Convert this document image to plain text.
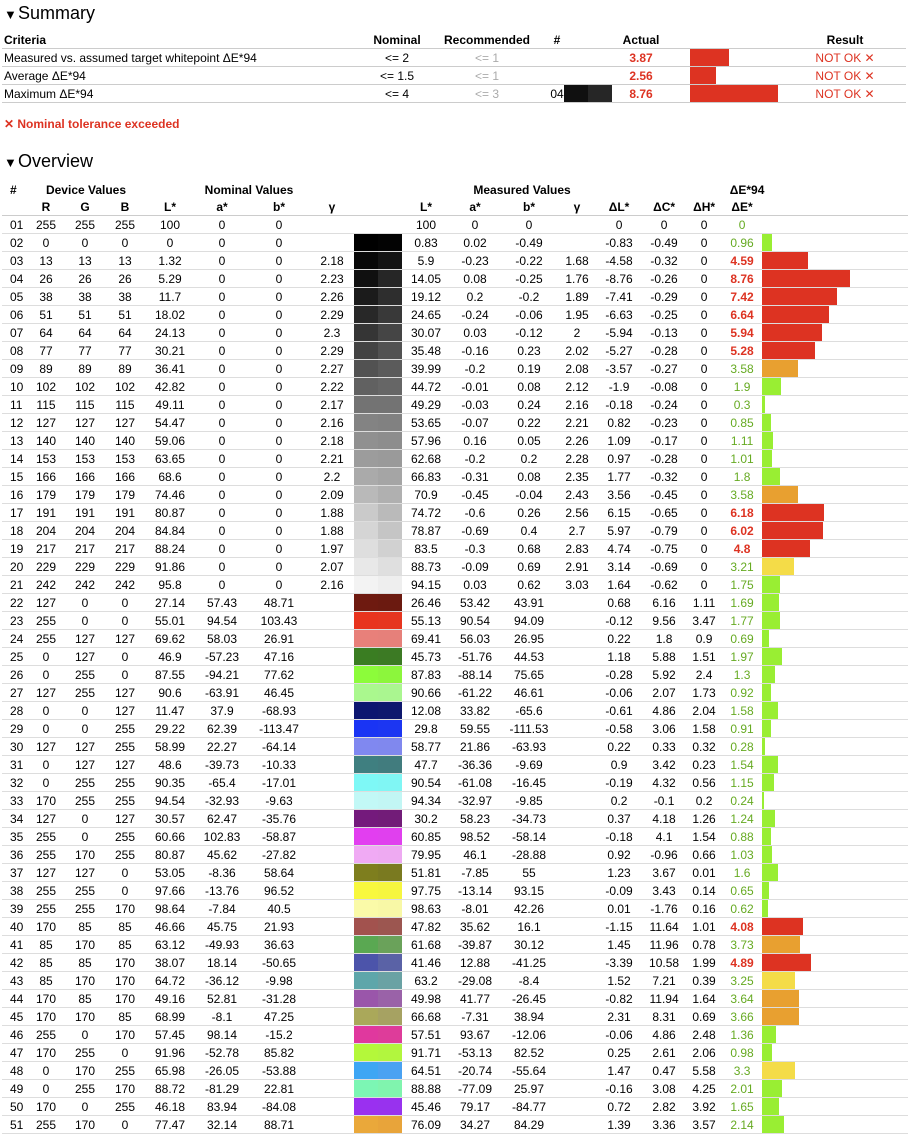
▼Summary
Criteria	Nominal	Recommended	#		Actual		Result
Measured vs. assumed target whitepoint ΔE*94	<= 2	<= 1			3.87		NOT OK ✕
Average ΔE*94	<= 1.5	<= 1			2.56		NOT OK ✕
Maximum ΔE*94	<= 4	<= 3	04		8.76		NOT OK ✕
✕ Nominal tolerance exceeded
▼Overview
#	Device Values			Nominal Values					Measured Values					ΔE*94				
	R	G	B	L*	a*	b*	γ		L*	a*	b*	γ	ΔL*	ΔC*	ΔH*	ΔE*		
01	255	255	255	100	0	0			100	0	0		0	0	0	0	

02	0	0	0	0	0	0			0.83	0.02	-0.49		-0.83	-0.49	0	0.96	

03	13	13	13	1.32	0	0	2.18		5.9	-0.23	-0.22	1.68	-4.58	-0.32	0	4.59	

04	26	26	26	5.29	0	0	2.23		14.05	0.08	-0.25	1.76	-8.76	-0.26	0	8.76	

05	38	38	38	11.7	0	0	2.26		19.12	0.2	-0.2	1.89	-7.41	-0.29	0	7.42	

06	51	51	51	18.02	0	0	2.29		24.65	-0.24	-0.06	1.95	-6.63	-0.25	0	6.64	

07	64	64	64	24.13	0	0	2.3		30.07	0.03	-0.12	2	-5.94	-0.13	0	5.94	

08	77	77	77	30.21	0	0	2.29		35.48	-0.16	0.23	2.02	-5.27	-0.28	0	5.28	

09	89	89	89	36.41	0	0	2.27		39.99	-0.2	0.19	2.08	-3.57	-0.27	0	3.58	

10	102	102	102	42.82	0	0	2.22		44.72	-0.01	0.08	2.12	-1.9	-0.08	0	1.9	

11	115	115	115	49.11	0	0	2.17		49.29	-0.03	0.24	2.16	-0.18	-0.24	0	0.3	

12	127	127	127	54.47	0	0	2.16		53.65	-0.07	0.22	2.21	0.82	-0.23	0	0.85	

13	140	140	140	59.06	0	0	2.18		57.96	0.16	0.05	2.26	1.09	-0.17	0	1.11	

14	153	153	153	63.65	0	0	2.21		62.68	-0.2	0.2	2.28	0.97	-0.28	0	1.01	

15	166	166	166	68.6	0	0	2.2		66.83	-0.31	0.08	2.35	1.77	-0.32	0	1.8	

16	179	179	179	74.46	0	0	2.09		70.9	-0.45	-0.04	2.43	3.56	-0.45	0	3.58	

17	191	191	191	80.87	0	0	1.88		74.72	-0.6	0.26	2.56	6.15	-0.65	0	6.18	

18	204	204	204	84.84	0	0	1.88		78.87	-0.69	0.4	2.7	5.97	-0.79	0	6.02	

19	217	217	217	88.24	0	0	1.97		83.5	-0.3	0.68	2.83	4.74	-0.75	0	4.8	

20	229	229	229	91.86	0	0	2.07		88.73	-0.09	0.69	2.91	3.14	-0.69	0	3.21	

21	242	242	242	95.8	0	0	2.16		94.15	0.03	0.62	3.03	1.64	-0.62	0	1.75	

22	127	0	0	27.14	57.43	48.71			26.46	53.42	43.91		0.68	6.16	1.11	1.69	

23	255	0	0	55.01	94.54	103.43			55.13	90.54	94.09		-0.12	9.56	3.47	1.77	

24	255	127	127	69.62	58.03	26.91			69.41	56.03	26.95		0.22	1.8	0.9	0.69	

25	0	127	0	46.9	-57.23	47.16			45.73	-51.76	44.53		1.18	5.88	1.51	1.97	

26	0	255	0	87.55	-94.21	77.62			87.83	-88.14	75.65		-0.28	5.92	2.4	1.3	

27	127	255	127	90.6	-63.91	46.45			90.66	-61.22	46.61		-0.06	2.07	1.73	0.92	

28	0	0	127	11.47	37.9	-68.93			12.08	33.82	-65.6		-0.61	4.86	2.04	1.58	

29	0	0	255	29.22	62.39	-113.47			29.8	59.55	-111.53		-0.58	3.06	1.58	0.91	

30	127	127	255	58.99	22.27	-64.14			58.77	21.86	-63.93		0.22	0.33	0.32	0.28	

31	0	127	127	48.6	-39.73	-10.33			47.7	-36.36	-9.69		0.9	3.42	0.23	1.54	

32	0	255	255	90.35	-65.4	-17.01			90.54	-61.08	-16.45		-0.19	4.32	0.56	1.15	

33	170	255	255	94.54	-32.93	-9.63			94.34	-32.97	-9.85		0.2	-0.1	0.2	0.24	

34	127	0	127	30.57	62.47	-35.76			30.2	58.23	-34.73		0.37	4.18	1.26	1.24	

35	255	0	255	60.66	102.83	-58.87			60.85	98.52	-58.14		-0.18	4.1	1.54	0.88	

36	255	170	255	80.87	45.62	-27.82			79.95	46.1	-28.88		0.92	-0.96	0.66	1.03	

37	127	127	0	53.05	-8.36	58.64			51.81	-7.85	55		1.23	3.67	0.01	1.6	

38	255	255	0	97.66	-13.76	96.52			97.75	-13.14	93.15		-0.09	3.43	0.14	0.65	

39	255	255	170	98.64	-7.84	40.5			98.63	-8.01	42.26		0.01	-1.76	0.16	0.62	

40	170	85	85	46.66	45.75	21.93			47.82	35.62	16.1		-1.15	11.64	1.01	4.08	

41	85	170	85	63.12	-49.93	36.63			61.68	-39.87	30.12		1.45	11.96	0.78	3.73	

42	85	85	170	38.07	18.14	-50.65			41.46	12.88	-41.25		-3.39	10.58	1.99	4.89	

43	85	170	170	64.72	-36.12	-9.98			63.2	-29.08	-8.4		1.52	7.21	0.39	3.25	

44	170	85	170	49.16	52.81	-31.28			49.98	41.77	-26.45		-0.82	11.94	1.64	3.64	

45	170	170	85	68.99	-8.1	47.25			66.68	-7.31	38.94		2.31	8.31	0.69	3.66	

46	255	0	170	57.45	98.14	-15.2			57.51	93.67	-12.06		-0.06	4.86	2.48	1.36	

47	170	255	0	91.96	-52.78	85.82			91.71	-53.13	82.52		0.25	2.61	2.06	0.98	

48	0	170	255	65.98	-26.05	-53.88			64.51	-20.74	-55.64		1.47	0.47	5.58	3.3	

49	0	255	170	88.72	-81.29	22.81			88.88	-77.09	25.97		-0.16	3.08	4.25	2.01	

50	170	0	255	46.18	83.94	-84.08			45.46	79.17	-84.77		0.72	2.82	3.92	1.65	

51	255	170	0	77.47	32.14	88.71			76.09	34.27	84.29		1.39	3.36	3.57	2.14	
